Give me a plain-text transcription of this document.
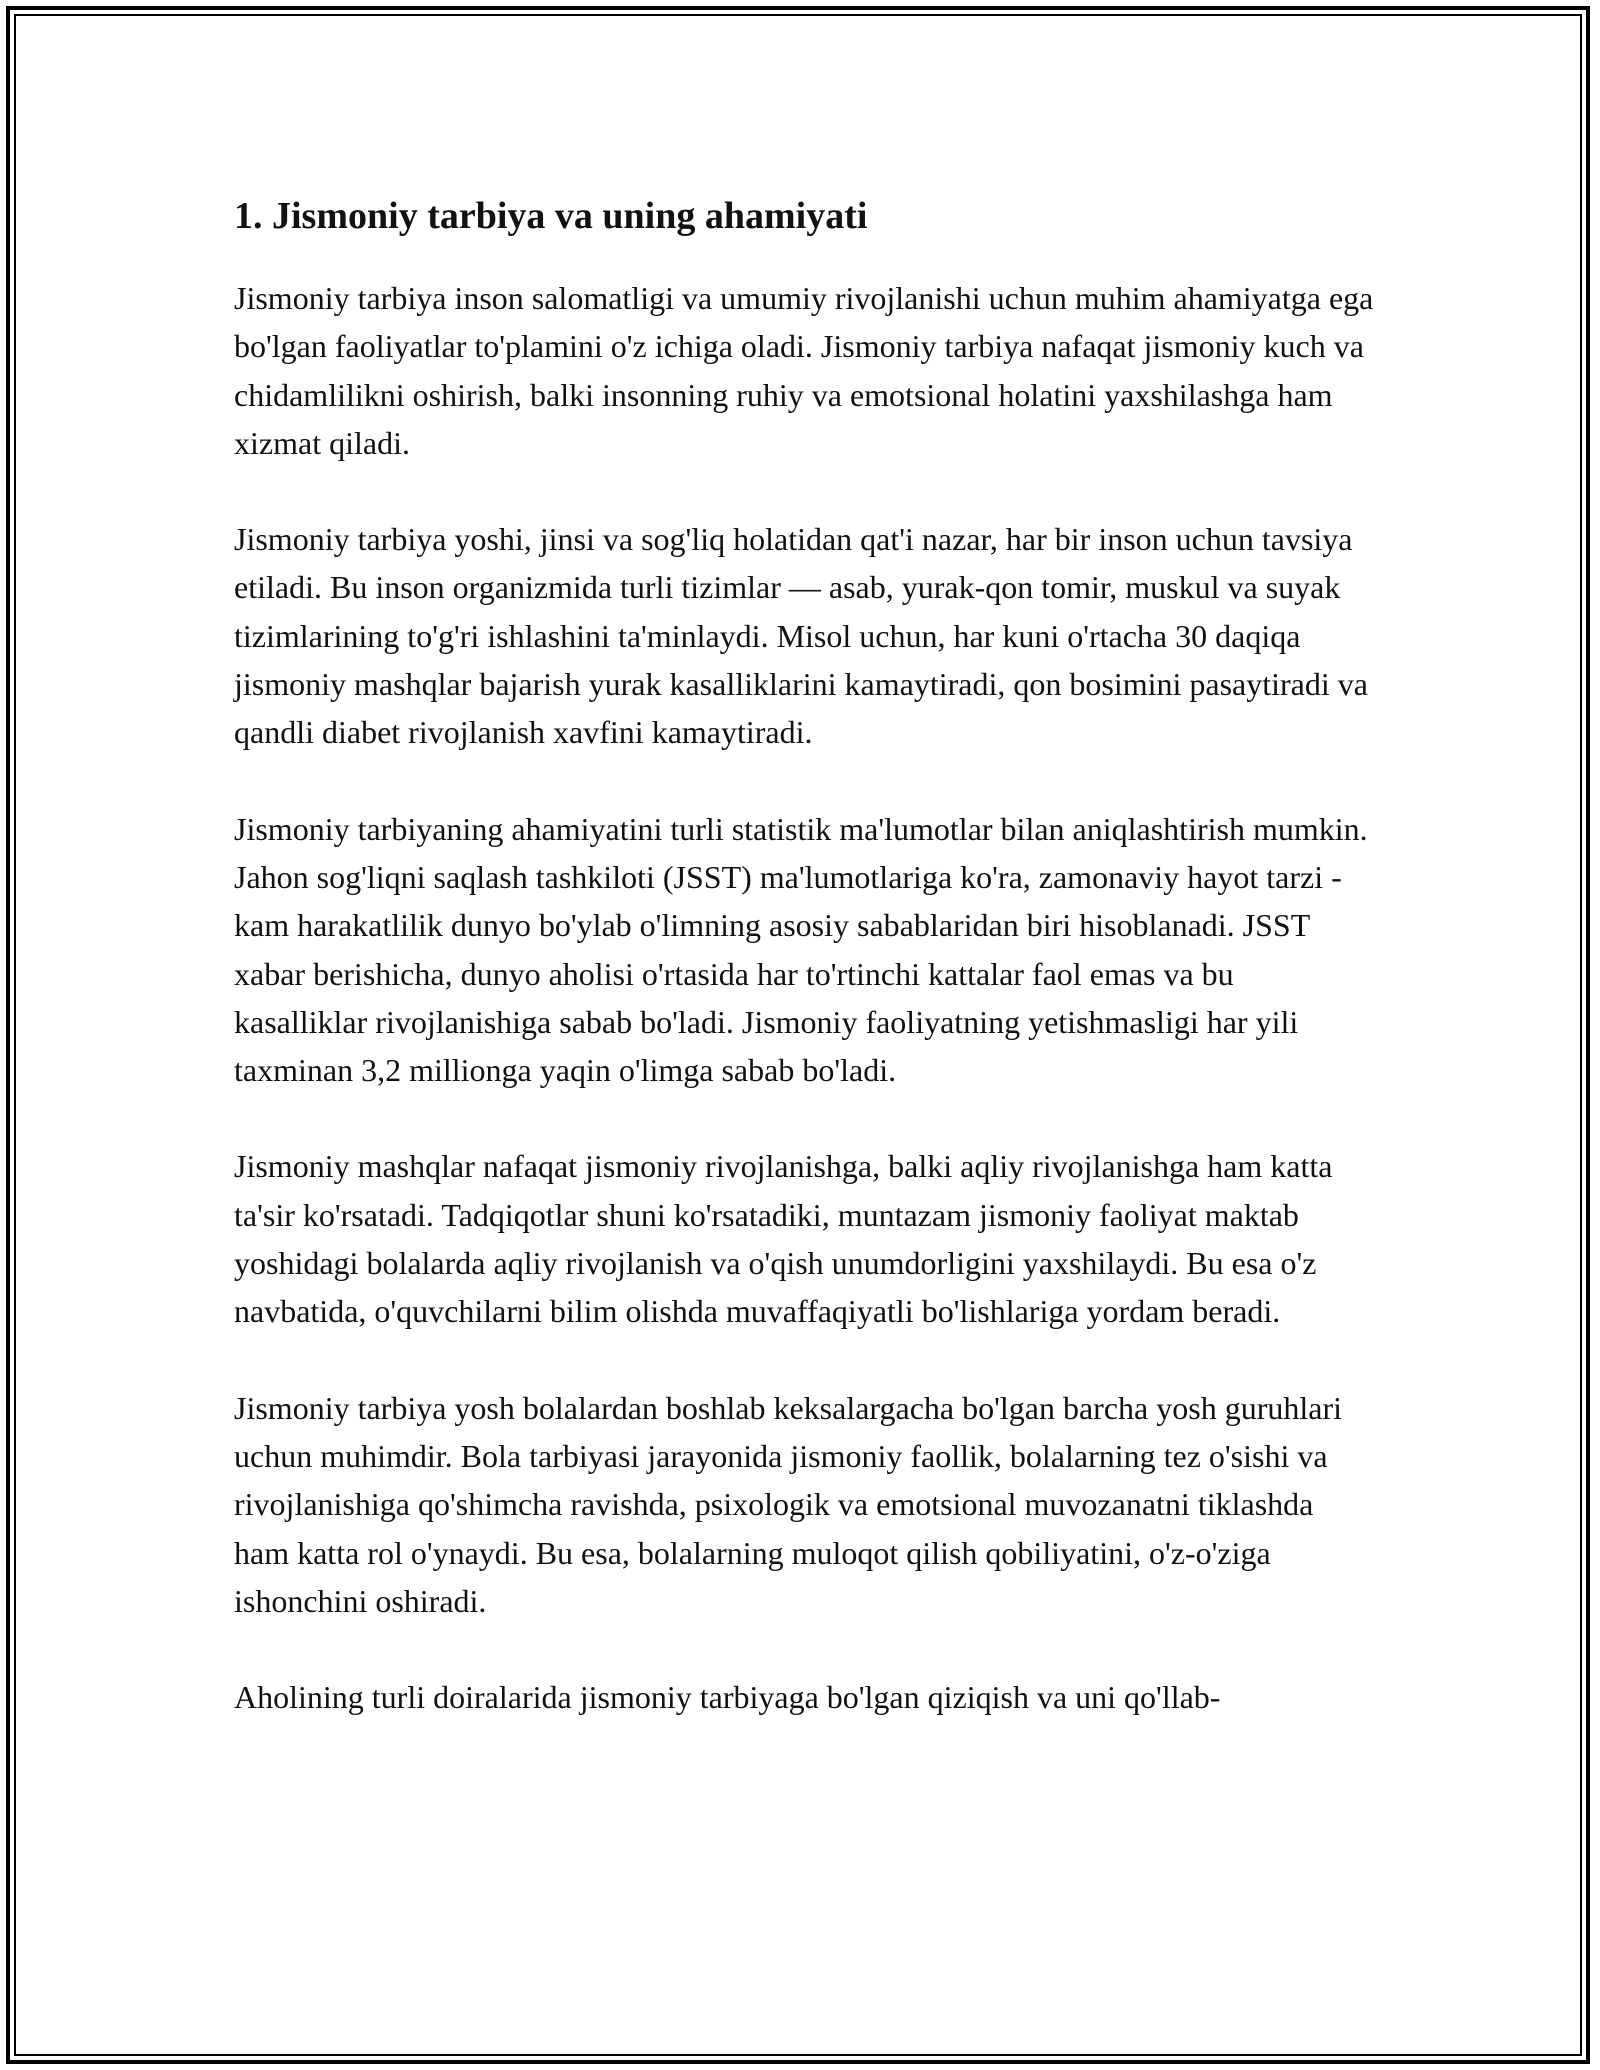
1. Jismoniy tarbiya va uning ahamiyati

Jismoniy tarbiya inson salomatligi va umumiy rivojlanishi uchun muhim ahamiyatga ega bo'lgan faoliyatlar to'plamini o'z ichiga oladi. Jismoniy tarbiya nafaqat jismoniy kuch va chidamlilikni oshirish, balki insonning ruhiy va emotsional holatini yaxshilashga ham xizmat qiladi.

Jismoniy tarbiya yoshi, jinsi va sog'liq holatidan qat'i nazar, har bir inson uchun tavsiya etiladi. Bu inson organizmida turli tizimlar — asab, yurak-qon tomir, muskul va suyak tizimlarining to'g'ri ishlashini ta'minlaydi. Misol uchun, har kuni o'rtacha 30 daqiqa jismoniy mashqlar bajarish yurak kasalliklarini kamaytiradi, qon bosimini pasaytiradi va qandli diabet rivojlanish xavfini kamaytiradi.

Jismoniy tarbiyaning ahamiyatini turli statistik ma'lumotlar bilan aniqlashtirish mumkin. Jahon sog'liqni saqlash tashkiloti (JSST) ma'lumotlariga ko'ra, zamonaviy hayot tarzi - kam harakatlilik dunyo bo'ylab o'limning asosiy sabablaridan biri hisoblanadi. JSST xabar berishicha, dunyo aholisi o'rtasida har to'rtinchi kattalar faol emas va bu kasalliklar rivojlanishiga sabab bo'ladi. Jismoniy faoliyatning yetishmasligi har yili taxminan 3,2 millionga yaqin o'limga sabab bo'ladi.

Jismoniy mashqlar nafaqat jismoniy rivojlanishga, balki aqliy rivojlanishga ham katta ta'sir ko'rsatadi. Tadqiqotlar shuni ko'rsatadiki, muntazam jismoniy faoliyat maktab yoshidagi bolalarda aqliy rivojlanish va o'qish unumdorligini yaxshilaydi. Bu esa o'z navbatida, o'quvchilarni bilim olishda muvaffaqiyatli bo'lishlariga yordam beradi.

Jismoniy tarbiya yosh bolalardan boshlab keksalargacha bo'lgan barcha yosh guruhlari uchun muhimdir. Bola tarbiyasi jarayonida jismoniy faollik, bolalarning tez o'sishi va rivojlanishiga qo'shimcha ravishda, psixologik va emotsional muvozanatni tiklashda ham katta rol o'ynaydi. Bu esa, bolalarning muloqot qilish qobiliyatini, o'z-o'ziga ishonchini oshiradi.

Aholining turli doiralarida jismoniy tarbiyaga bo'lgan qiziqish va uni qo'llab-
